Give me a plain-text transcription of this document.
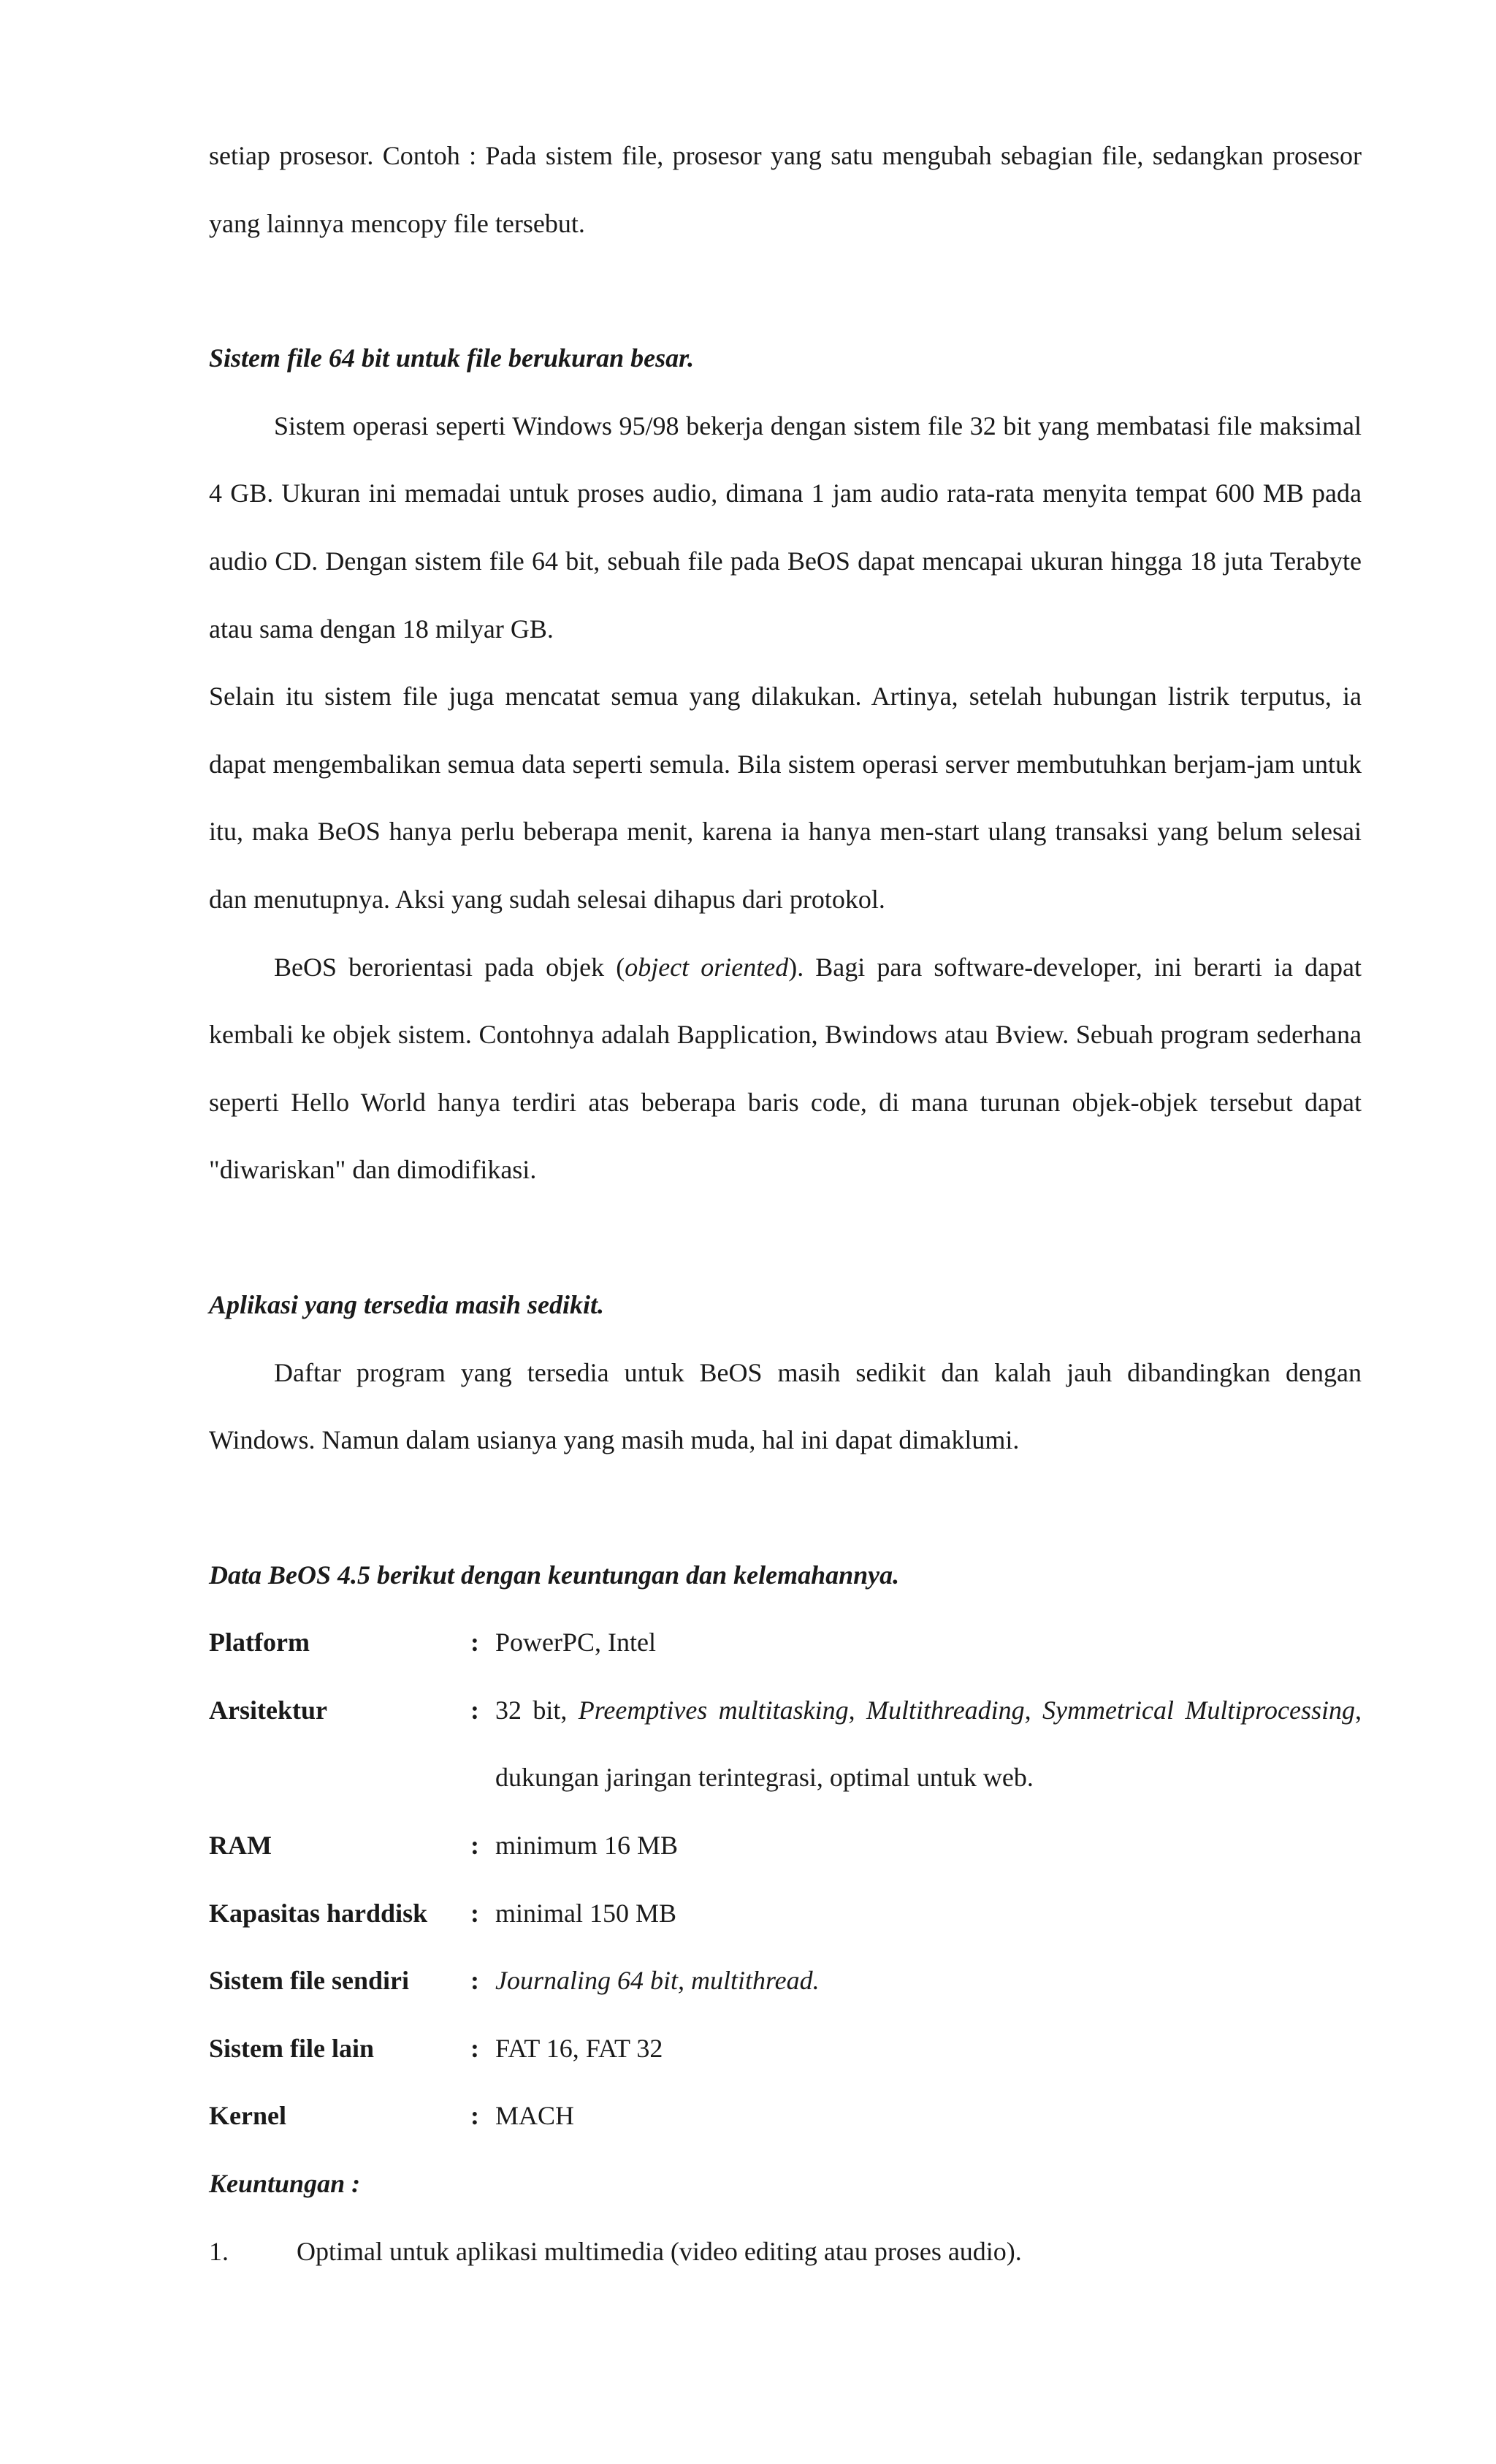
setiap prosesor. Contoh : Pada sistem file, prosesor yang satu mengubah sebagian file, sedangkan prosesor yang lainnya mencopy file tersebut.

Sistem file 64 bit untuk file berukuran besar.

Sistem operasi seperti Windows 95/98 bekerja dengan sistem file 32 bit yang membatasi file maksimal 4 GB. Ukuran ini memadai untuk proses audio, dimana 1 jam audio rata-rata menyita tempat 600 MB pada audio CD. Dengan sistem file 64 bit, sebuah file pada BeOS dapat mencapai ukuran hingga 18 juta Terabyte atau sama dengan 18 milyar GB.

Selain itu sistem file juga mencatat semua yang dilakukan. Artinya, setelah hubungan listrik terputus, ia dapat mengembalikan semua data seperti semula. Bila sistem operasi server membutuhkan berjam-jam untuk itu, maka BeOS hanya perlu beberapa menit, karena ia hanya men-start ulang transaksi yang belum selesai dan menutupnya. Aksi yang sudah selesai dihapus dari protokol.

BeOS berorientasi pada objek (object oriented). Bagi para software-developer, ini berarti ia dapat kembali ke objek sistem. Contohnya adalah Bapplication, Bwindows atau Bview. Sebuah program sederhana seperti Hello World hanya terdiri atas beberapa baris code, di mana turunan objek-objek tersebut dapat "diwariskan" dan dimodifikasi.

Aplikasi yang tersedia masih sedikit.

Daftar program yang tersedia untuk BeOS masih sedikit dan kalah jauh dibandingkan dengan Windows. Namun dalam usianya yang masih muda, hal ini dapat dimaklumi.

Data BeOS 4.5 berikut dengan keuntungan dan kelemahannya.

Platform	: PowerPC, Intel
Arsitektur	: 32 bit, Preemptives multitasking, Multithreading, Symmetrical Multiprocessing, dukungan jaringan terintegrasi, optimal untuk web.
RAM	: minimum 16 MB
Kapasitas harddisk	: minimal 150 MB
Sistem file sendiri	: Journaling 64 bit, multithread.
Sistem file lain	: FAT 16, FAT 32
Kernel	: MACH

Keuntungan :

1.	Optimal untuk aplikasi multimedia (video editing atau proses audio).
